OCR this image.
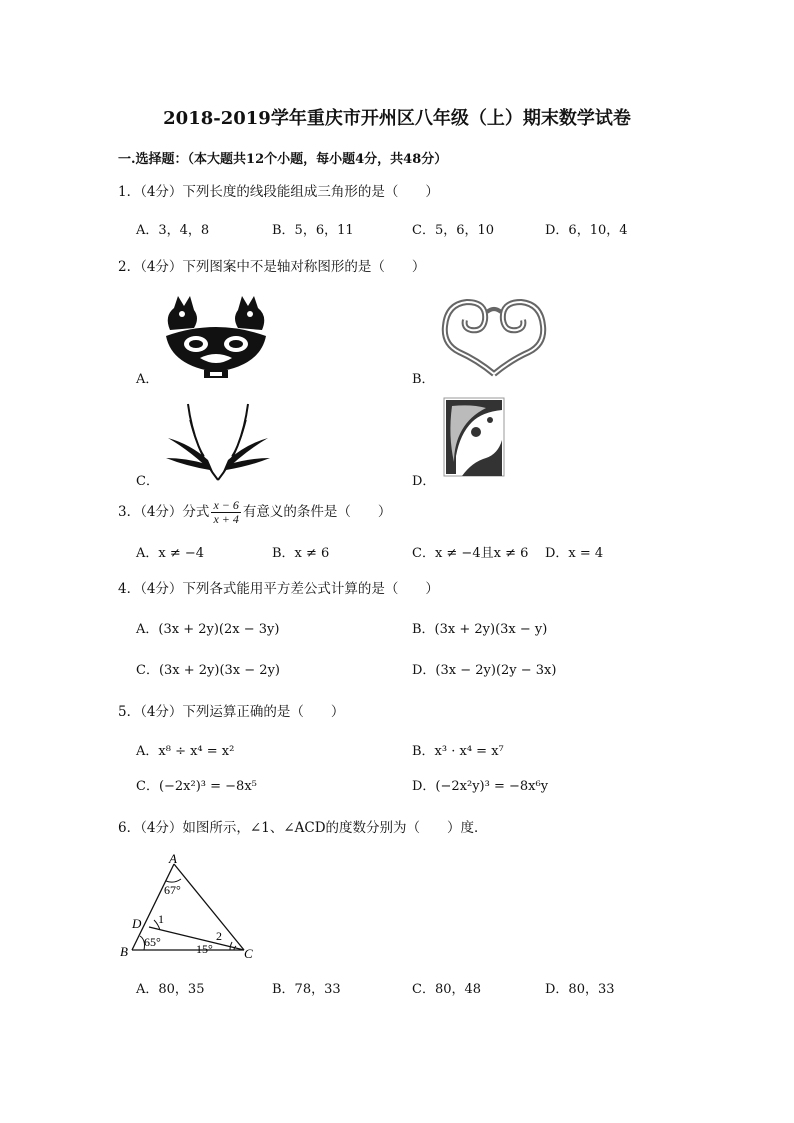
2018-2019学年重庆市开州区八年级（上）期末数学试卷
一.选择题：（本大题共12个小题，每小题4分，共48分）
1．（4分）下列长度的线段能组成三角形的是（　　）
A．3，4，8	B．5，6，11	C．5，6，10	D．6，10，4
2．（4分）下列图案中不是轴对称图形的是（　　）
A．	B．
C．	D．
3．（4分）分式 $\frac{x - 6}{x + 4}$ 有意义的条件是（　　）
A．x ≠ −4	B．x ≠ 6	C．x ≠ −4且x ≠ 6 D．x = 4
4．（4分）下列各式能用平方差公式计算的是（　　）
A．(3x + 2y)(2x − 3y)	B．(3x + 2y)(3x − y)
C．(3x + 2y)(3x − 2y)	D．(3x − 2y)(2y − 3x)
5．（4分）下列运算正确的是（　　）
A．x⁸ ÷ x⁴ = x²	B．x³ · x⁴ = x⁷
C．(−2x²)³ = −8x⁵	D．(−2x²y)³ = −8x⁶y
6．（4分）如图所示，∠1、∠ACD的度数分别为（　　）度．
A
B	C
D
67°
1
2
65°	15°
A．80，35	B．78，33	C．80，48	D．80，33
